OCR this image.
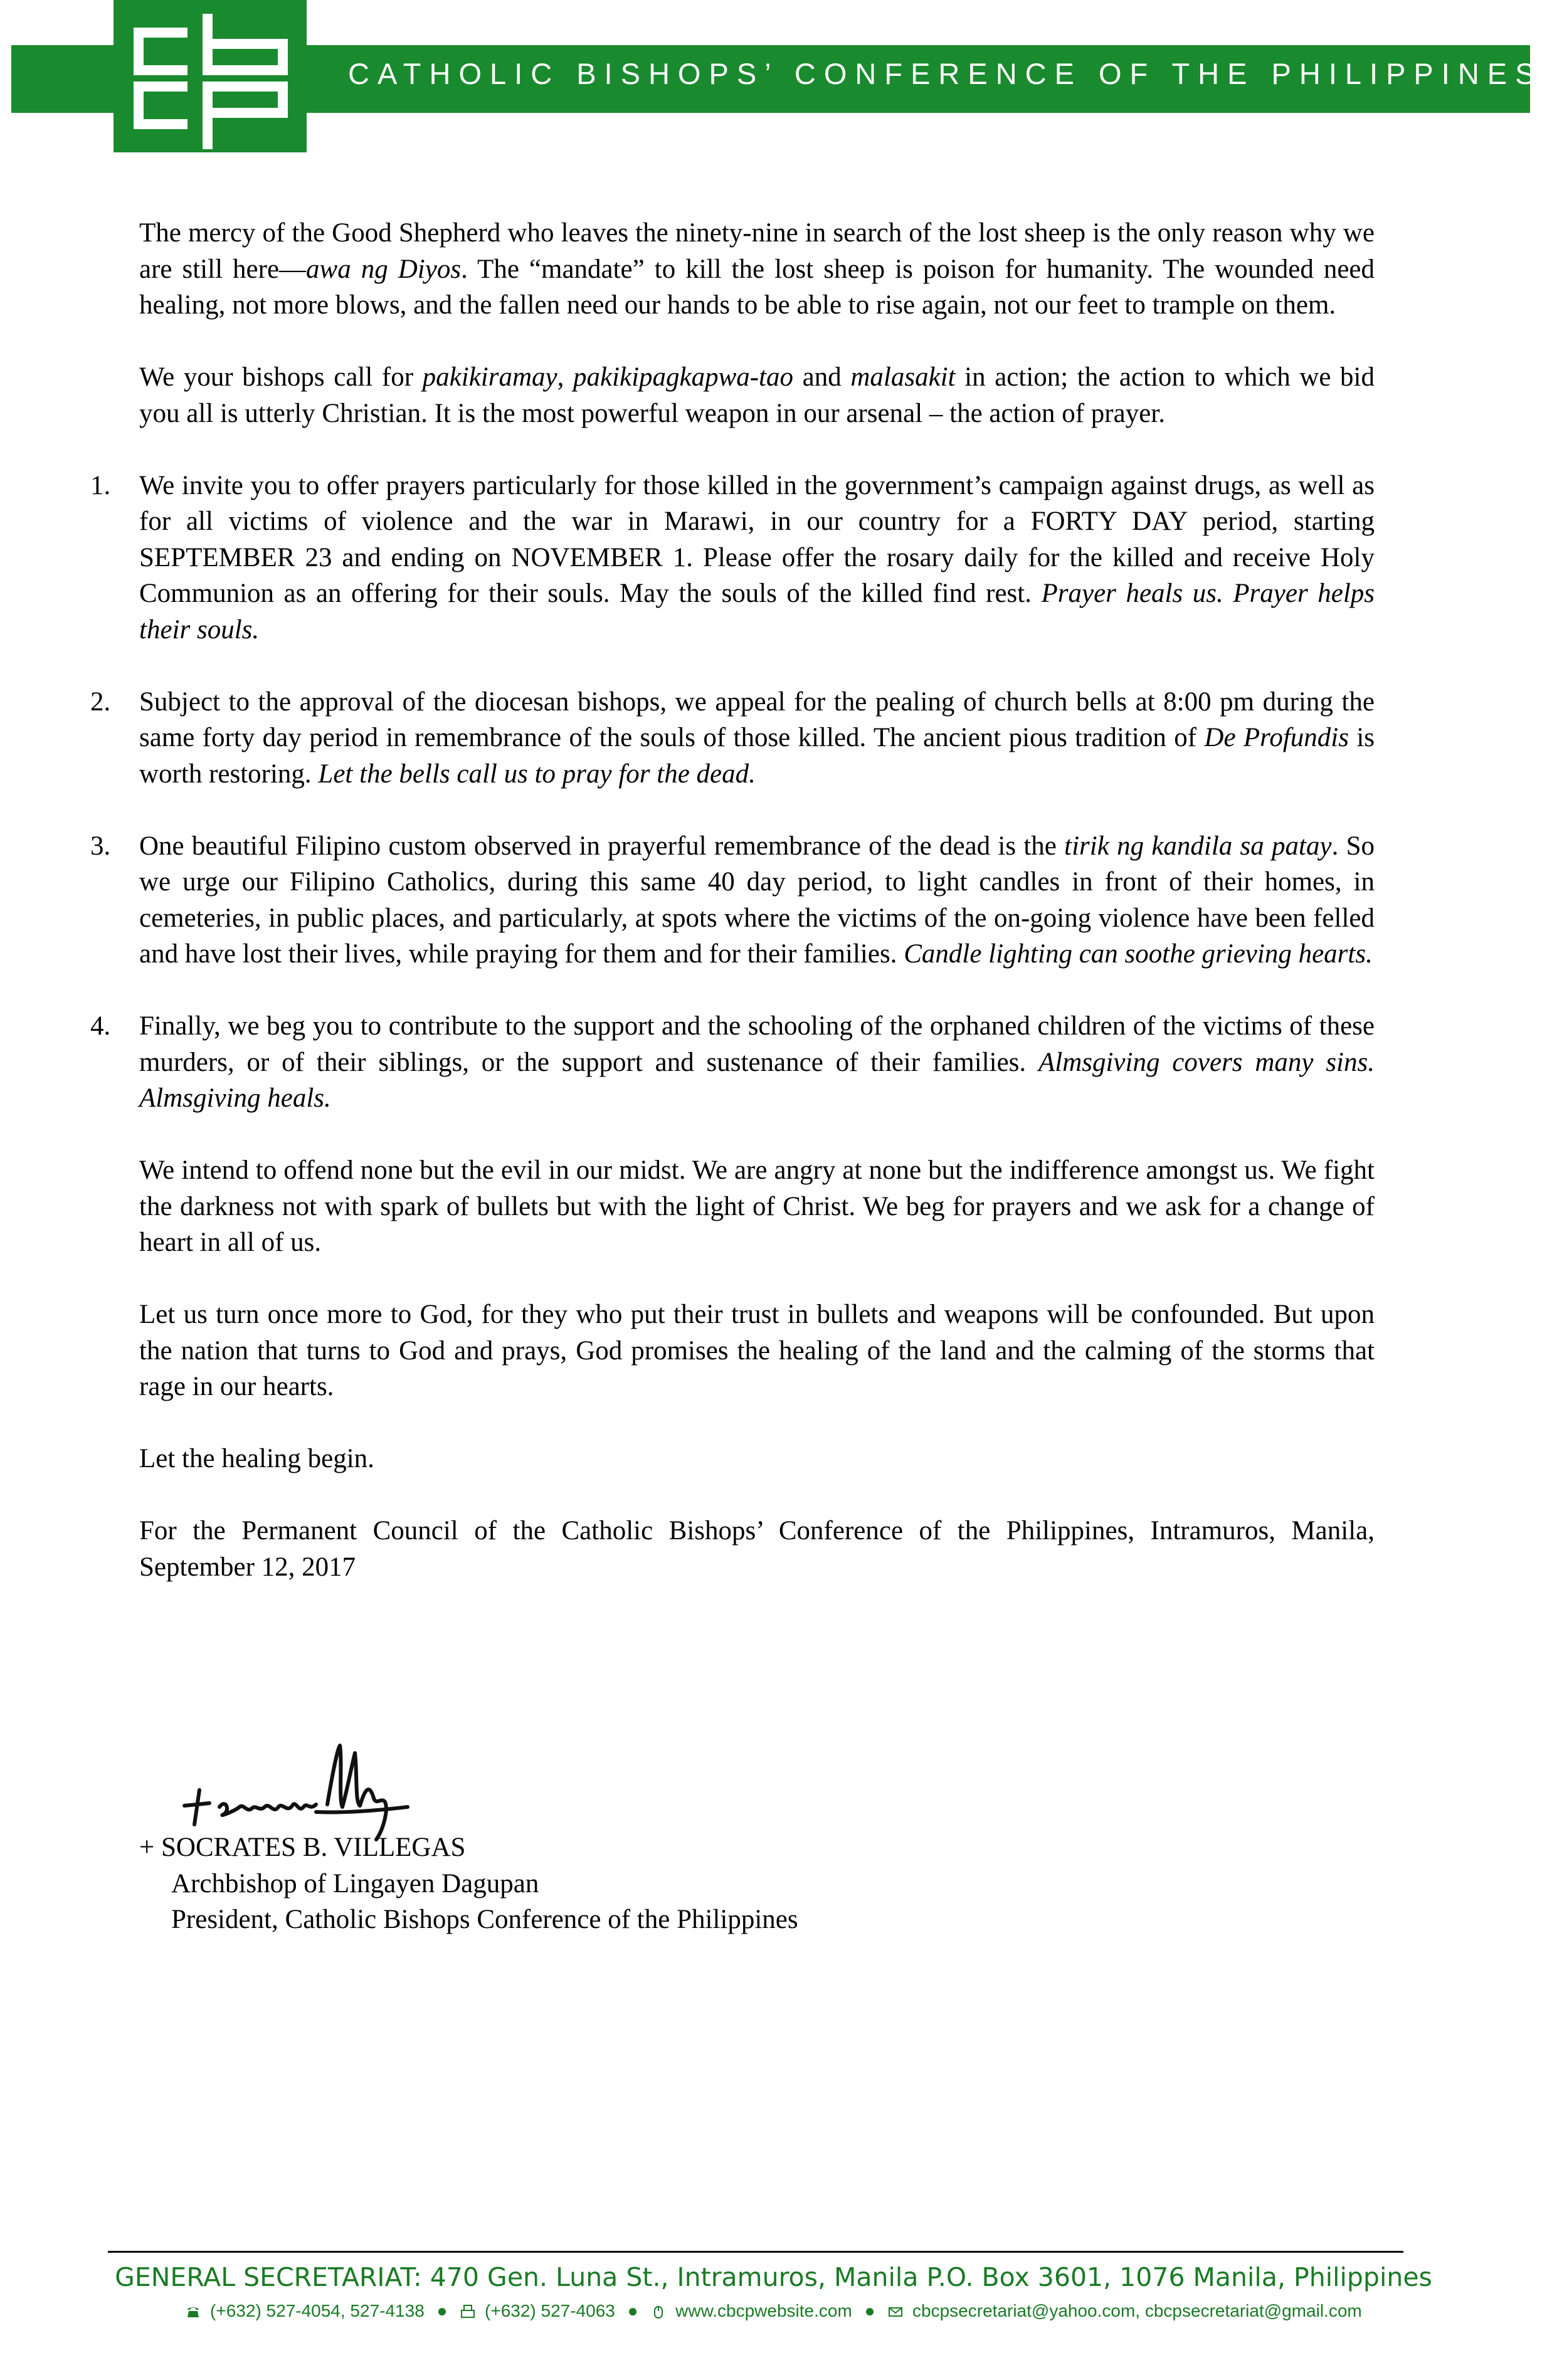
CATHOLIC BISHOPS’ CONFERENCE OF THE PHILIPPINES

The mercy of the Good Shepherd who leaves the ninety-nine in search of the lost sheep is the only reason why we are still here—awa ng Diyos. The “mandate” to kill the lost sheep is poison for humanity. The wounded need healing, not more blows, and the fallen need our hands to be able to rise again, not our feet to trample on them.

We your bishops call for pakikiramay, pakikipagkapwa-tao and malasakit in action; the action to which we bid you all is utterly Christian. It is the most powerful weapon in our arsenal – the action of prayer.

1. We invite you to offer prayers particularly for those killed in the government’s campaign against drugs, as well as for all victims of violence and the war in Marawi, in our country for a FORTY DAY period, starting SEPTEMBER 23 and ending on NOVEMBER 1. Please offer the rosary daily for the killed and receive Holy Communion as an offering for their souls. May the souls of the killed find rest. Prayer heals us. Prayer helps their souls.
2. Subject to the approval of the diocesan bishops, we appeal for the pealing of church bells at 8:00 pm during the same forty day period in remembrance of the souls of those killed. The ancient pious tradition of De Profundis is worth restoring. Let the bells call us to pray for the dead.
3. One beautiful Filipino custom observed in prayerful remembrance of the dead is the tirik ng kandila sa patay. So we urge our Filipino Catholics, during this same 40 day period, to light candles in front of their homes, in cemeteries, in public places, and particularly, at spots where the victims of the on-going violence have been felled and have lost their lives, while praying for them and for their families. Candle lighting can soothe grieving hearts.
4. Finally, we beg you to contribute to the support and the schooling of the orphaned children of the victims of these murders, or of their siblings, or the support and sustenance of their families. Almsgiving covers many sins. Almsgiving heals.

We intend to offend none but the evil in our midst. We are angry at none but the indifference amongst us. We fight the darkness not with spark of bullets but with the light of Christ. We beg for prayers and we ask for a change of heart in all of us.

Let us turn once more to God, for they who put their trust in bullets and weapons will be confounded. But upon the nation that turns to God and prays, God promises the healing of the land and the calming of the storms that rage in our hearts.

Let the healing begin.

For the Permanent Council of the Catholic Bishops’ Conference of the Philippines, Intramuros, Manila, September 12, 2017

+ SOCRATES B. VILLEGAS
Archbishop of Lingayen Dagupan
President, Catholic Bishops Conference of the Philippines
GENERAL SECRETARIAT: 470 Gen. Luna St., Intramuros, Manila P.O. Box 3601, 1076 Manila, Philippines
(+632) 527-4054, 527-4138 ● (+632) 527-4063 ● www.cbcpwebsite.com ● cbcpsecretariat@yahoo.com, cbcpsecretariat@gmail.com
